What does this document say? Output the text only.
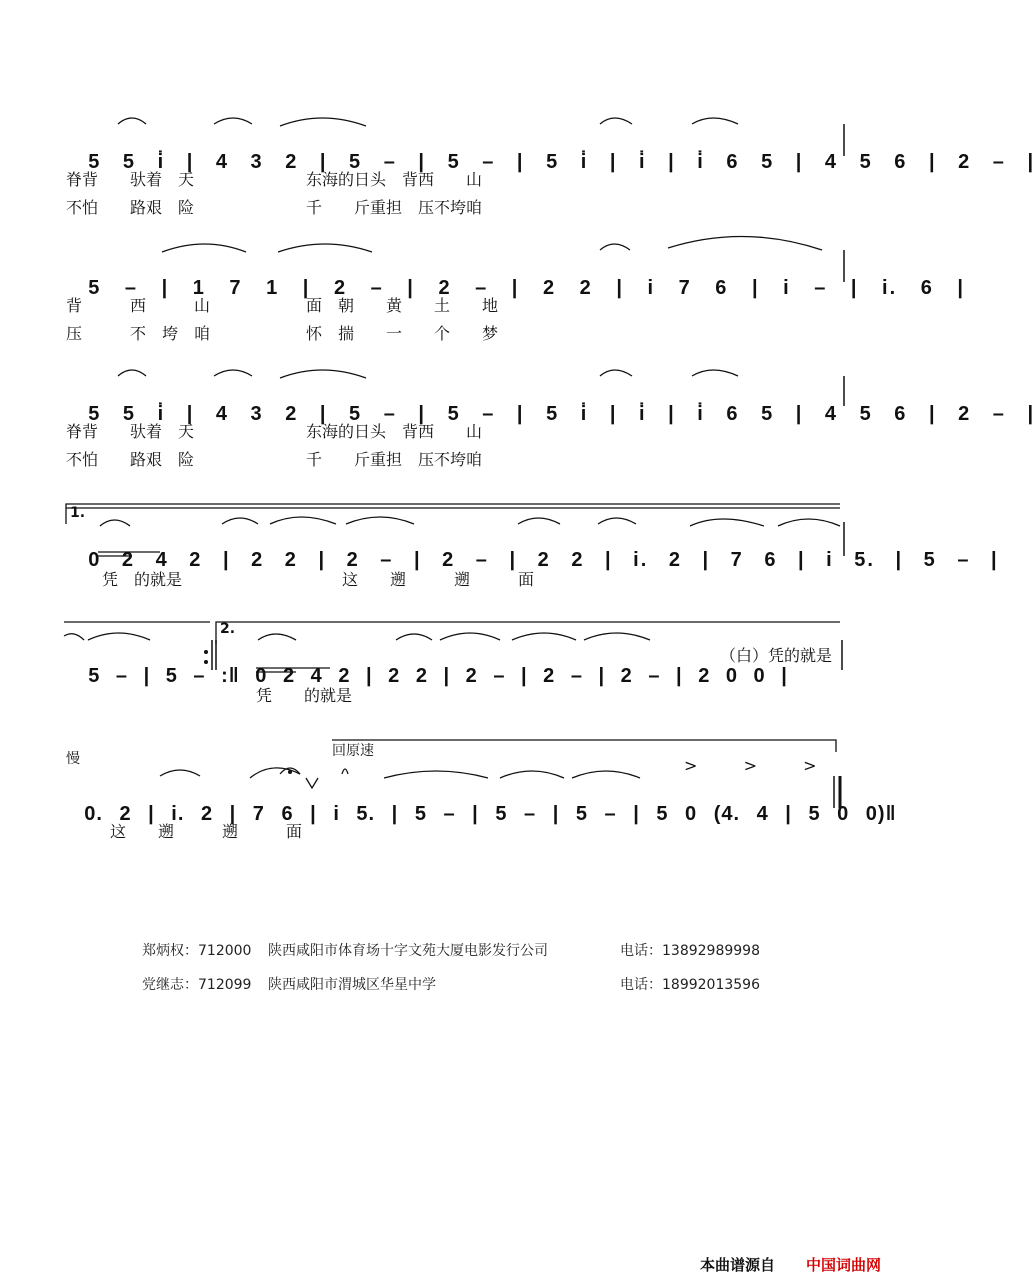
5 5 i̇ | 4 3 2 | 5 – | 5 – | 5 i̇ | i̇ | i̇ 6 5 | 4 5 6 | 2 – |

脊背　　驮着　天　　　　　　　东海的日头　背西　　山
不怕　　路艰　险　　　　　　　千　　斤重担　压不垮咱

5 – | 1 7 1 | 2 – | 2 – | 2 2 | i 7 6 | i – | i. 6 |

背　　　西　　　山　　　　　　面　朝　　黄　　土　　地
压　　　不　垮　咱　　　　　　怀　揣　　一　　个　　梦

5 5 i̇ | 4 3 2 | 5 – | 5 – | 5 i̇ | i̇ | i̇ 6 5 | 4 5 6 | 2 – |

脊背　　驮着　天　　　　　　　东海的日头　背西　　山
不怕　　路艰　险　　　　　　　千　　斤重担　压不垮咱
1.

0 2 4 2 | 2 2 | 2 – | 2 – | 2 2 | i. 2 | 7 6 | i 5. | 5 – |

凭　的就是　　　　　　　　　　这　　遡　　　遡　　　面
2.

5 – | 5 – :‖ 0 2 4 2 | 2 2 | 2 – | 2 – | 2 – | 2 0 0 |

（白）凭的就是
凭　　的就是
慢	回原速
>  >  >

0. 2 | i. 2 | 7 6 | i 5. | 5 – | 5 – | 5 – | 5 0 (4. 4 | 5 0 0)‖

这　　遡　　　遡　　　面
郑炳权：712000 陕西咸阳市体育场十字文苑大厦电影发行公司	电话：13892989998
党继志：712099 陕西咸阳市渭城区华星中学	电话：18992013596
本曲谱源自 中国词曲网
